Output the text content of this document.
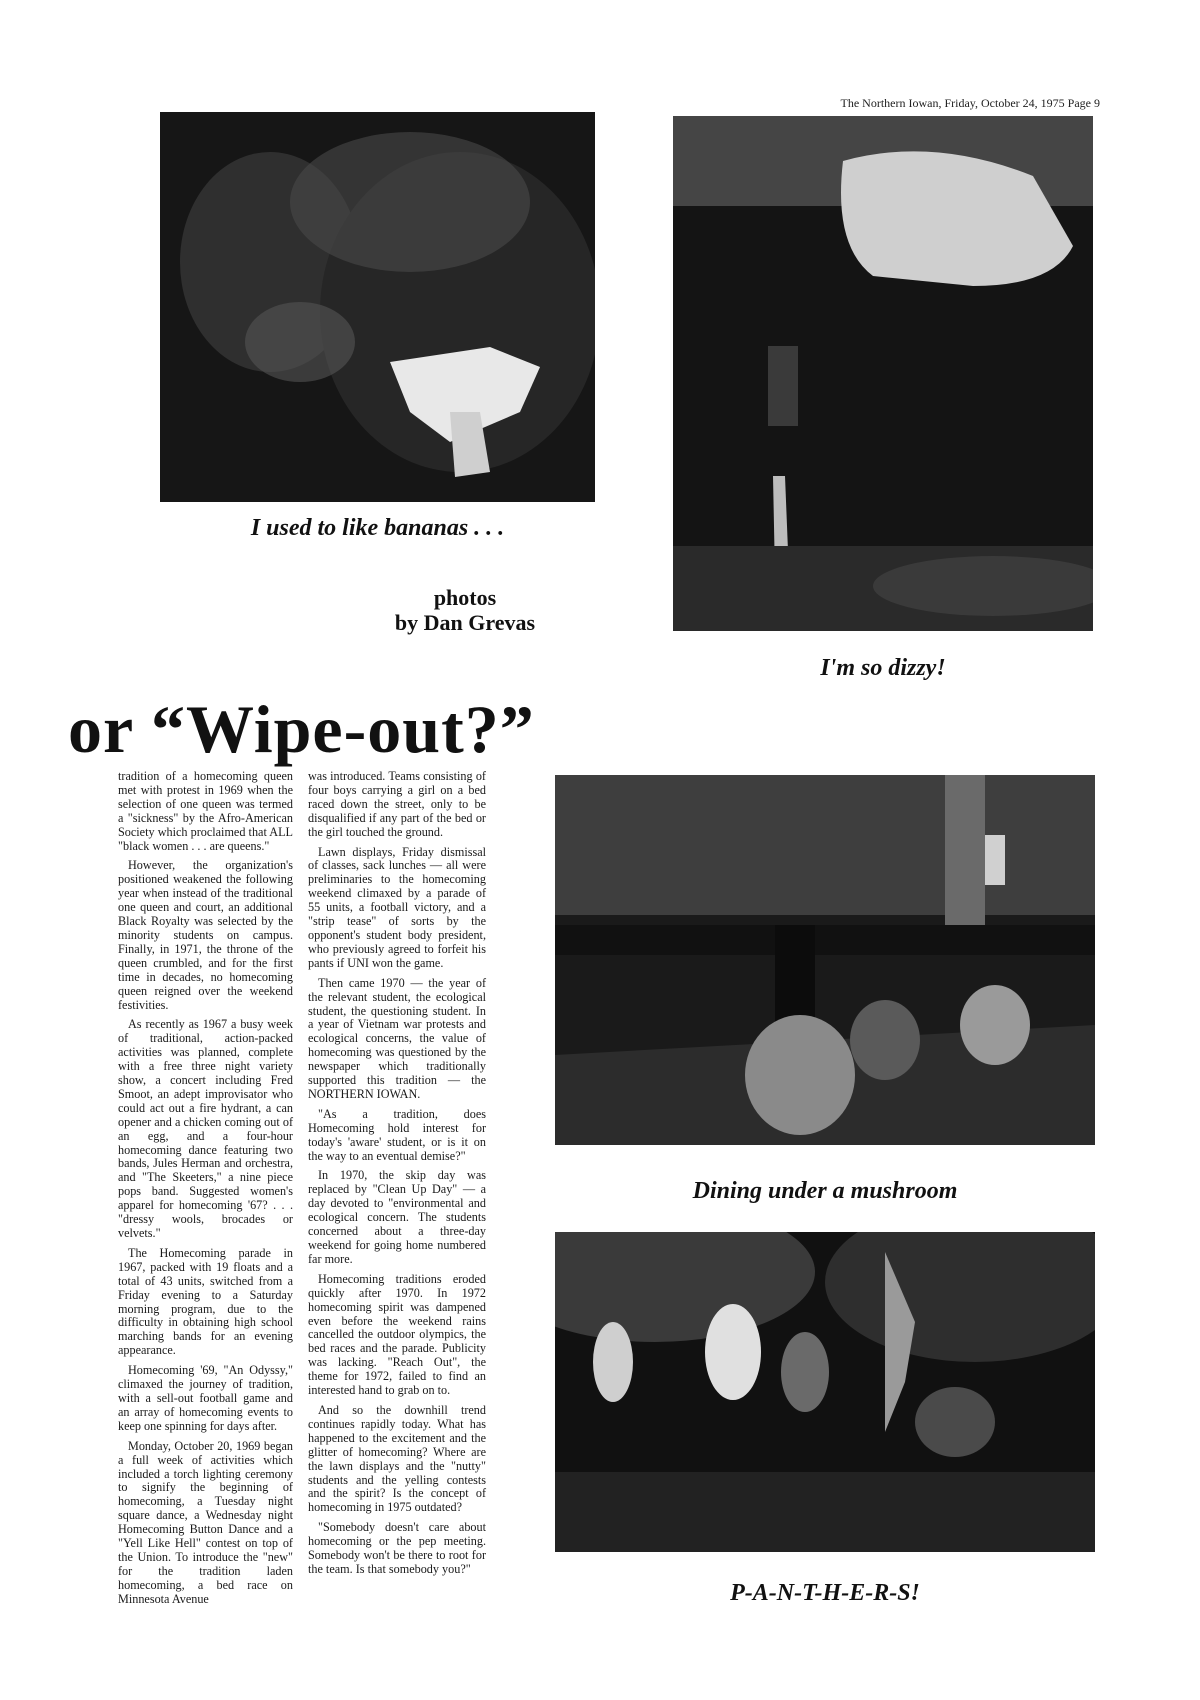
The Northern Iowan, Friday, October 24, 1975 Page 9
I used to like bananas . . .
photos
by Dan Grevas
I'm so dizzy!
or “Wipe-out?”

tradition of a homecoming queen met with protest in 1969 when the selection of one queen was termed a "sickness" by the Afro-American Society which proclaimed that ALL "black women . . . are queens."

However, the organization's positioned weakened the following year when instead of the traditional one queen and court, an additional Black Royalty was selected by the minority students on campus. Finally, in 1971, the throne of the queen crumbled, and for the first time in decades, no homecoming queen reigned over the weekend festivities.

As recently as 1967 a busy week of traditional, action-packed activities was planned, complete with a free three night variety show, a concert including Fred Smoot, an adept improvisator who could act out a fire hydrant, a can opener and a chicken coming out of an egg, and a four-hour homecoming dance featuring two bands, Jules Herman and orchestra, and "The Skeeters," a nine piece pops band. Suggested women's apparel for homecoming '67? . . . "dressy wools, brocades or velvets."

The Homecoming parade in 1967, packed with 19 floats and a total of 43 units, switched from a Friday evening to a Saturday morning program, due to the difficulty in obtaining high school marching bands for an evening appearance.

Homecoming '69, "An Odyssy," climaxed the journey of tradition, with a sell-out football game and an array of homecoming events to keep one spinning for days after.

Monday, October 20, 1969 began a full week of activities which included a torch lighting ceremony to signify the beginning of homecoming, a Tuesday night square dance, a Wednesday night Homecoming Button Dance and a "Yell Like Hell" contest on top of the Union. To introduce the "new" for the tradition laden homecoming, a bed race on Minnesota Avenue

was introduced. Teams consisting of four boys carrying a girl on a bed raced down the street, only to be disqualified if any part of the bed or the girl touched the ground.

Lawn displays, Friday dismissal of classes, sack lunches — all were preliminaries to the homecoming weekend climaxed by a parade of 55 units, a football victory, and a "strip tease" of sorts by the opponent's student body president, who previously agreed to forfeit his pants if UNI won the game.

Then came 1970 — the year of the relevant student, the ecological student, the questioning student. In a year of Vietnam war protests and ecological concerns, the value of homecoming was questioned by the newspaper which traditionally supported this tradition — the NORTHERN IOWAN.

"As a tradition, does Homecoming hold interest for today's 'aware' student, or is it on the way to an eventual demise?"

In 1970, the skip day was replaced by "Clean Up Day" — a day devoted to "environmental and ecological concern. The students concerned about a three-day weekend for going home numbered far more.

Homecoming traditions eroded quickly after 1970. In 1972 homecoming spirit was dampened even before the weekend rains cancelled the outdoor olympics, the bed races and the parade. Publicity was lacking. "Reach Out", the theme for 1972, failed to find an interested hand to grab on to.

And so the downhill trend continues rapidly today. What has happened to the excitement and the glitter of homecoming? Where are the lawn displays and the "nutty" students and the yelling contests and the spirit? Is the concept of homecoming in 1975 outdated?

"Somebody doesn't care about homecoming or the pep meeting. Somebody won't be there to root for the team. Is that somebody you?"

Dining under a mushroom
P-A-N-T-H-E-R-S!
